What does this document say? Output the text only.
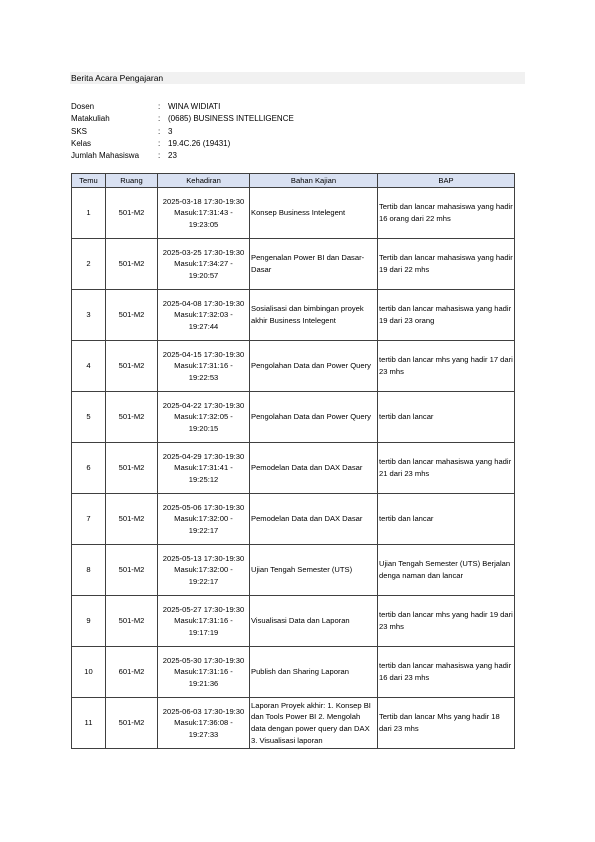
Berita Acara Pengajaran
Dosen	: WINA WIDIATI
Matakuliah	: (0685) BUSINESS INTELLIGENCE
SKS	: 3
Kelas	: 19.4C.26 (19431)
Jumlah Mahasiswa	: 23
Temu	Ruang	Kehadiran	Bahan Kajian	BAP

1	501-M2	2025-03-18 17:30-19:30
Masuk:17:31:43 - 19:23:05	Konsep Business Intelegent	Tertib dan lancar mahasiswa yang hadir 16 orang dari 22 mhs

2	501-M2	2025-03-25 17:30-19:30
Masuk:17:34:27 - 19:20:57	Pengenalan Power BI dan Dasar-Dasar	Tertib dan lancar mahasiswa yang hadir 19 dari 22 mhs

3	501-M2	2025-04-08 17:30-19:30
Masuk:17:32:03 - 19:27:44	Sosialisasi dan bimbingan proyek akhir Business Intelegent	tertib dan lancar mahasiswa yang hadir 19 dari 23 orang

4	501-M2	2025-04-15 17:30-19:30
Masuk:17:31:16 - 19:22:53	Pengolahan Data dan Power Query	tertib dan lancar mhs yang hadir 17 dari 23 mhs

5	501-M2	2025-04-22 17:30-19:30
Masuk:17:32:05 - 19:20:15	Pengolahan Data dan Power Query	tertib dan lancar

6	501-M2	2025-04-29 17:30-19:30
Masuk:17:31:41 - 19:25:12	Pemodelan Data dan DAX Dasar	tertib dan lancar mahasiswa yang hadir 21 dari 23 mhs

7	501-M2	2025-05-06 17:30-19:30
Masuk:17:32:00 - 19:22:17	Pemodelan Data dan DAX Dasar	tertib dan lancar

8	501-M2	2025-05-13 17:30-19:30
Masuk:17:32:00 - 19:22:17	Ujian Tengah Semester (UTS)	Ujian Tengah Semester (UTS) Berjalan denga naman dan lancar

9	501-M2	2025-05-27 17:30-19:30
Masuk:17:31:16 - 19:17:19	Visualisasi Data dan Laporan	tertib dan lancar mhs yang hadir 19 dari 23 mhs

10	601-M2	2025-05-30 17:30-19:30
Masuk:17:31:16 - 19:21:36	Publish dan Sharing Laporan	tertib dan lancar mahasiswa yang hadir 16 dari 23 mhs

11	501-M2	2025-06-03 17:30-19:30
Masuk:17:36:08 - 19:27:33	Laporan Proyek akhir: 1. Konsep BI dan Tools Power BI 2. Mengolah data dengan power query dan DAX 3. Visualisasi laporan	Tertib dan lancar Mhs yang hadir 18 dari 23 mhs
